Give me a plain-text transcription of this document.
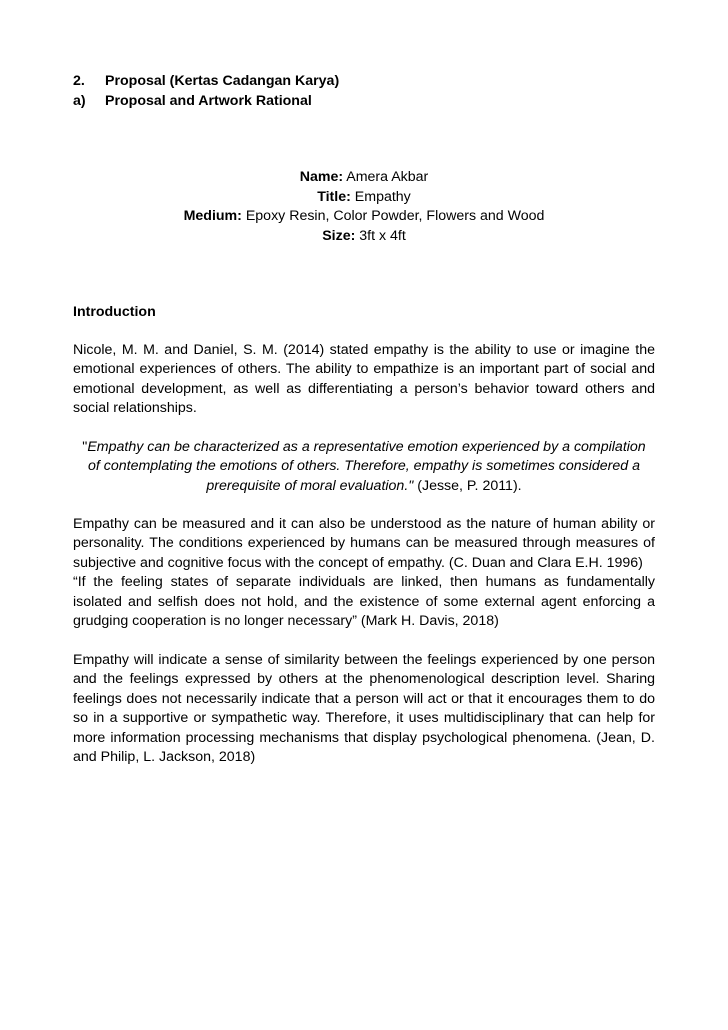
2. Proposal (Kertas Cadangan Karya)
a) Proposal and Artwork Rational
Name: Amera Akbar
Title: Empathy
Medium: Epoxy Resin, Color Powder, Flowers and Wood
Size: 3ft x 4ft
Introduction
Nicole, M. M. and Daniel, S. M. (2014) stated empathy is the ability to use or imagine the
emotional experiences of others. The ability to empathize is an important part of social and
emotional development, as well as differentiating a person’s behavior toward others and
social relationships.
"Empathy can be characterized as a representative emotion experienced by a compilation
of contemplating the emotions of others. Therefore, empathy is sometimes considered a
prerequisite of moral evaluation." (Jesse, P. 2011).
Empathy can be measured and it can also be understood as the nature of human ability or
personality. The conditions experienced by humans can be measured through measures of
subjective and cognitive focus with the concept of empathy. (C. Duan and Clara E.H. 1996)
“If the feeling states of separate individuals are linked, then humans as fundamentally
isolated and selfish does not hold, and the existence of some external agent enforcing a
grudging cooperation is no longer necessary” (Mark H. Davis, 2018)
Empathy will indicate a sense of similarity between the feelings experienced by one person
and the feelings expressed by others at the phenomenological description level. Sharing
feelings does not necessarily indicate that a person will act or that it encourages them to do
so in a supportive or sympathetic way. Therefore, it uses multidisciplinary that can help for
more information processing mechanisms that display psychological phenomena. (Jean, D.
and Philip, L. Jackson, 2018)
